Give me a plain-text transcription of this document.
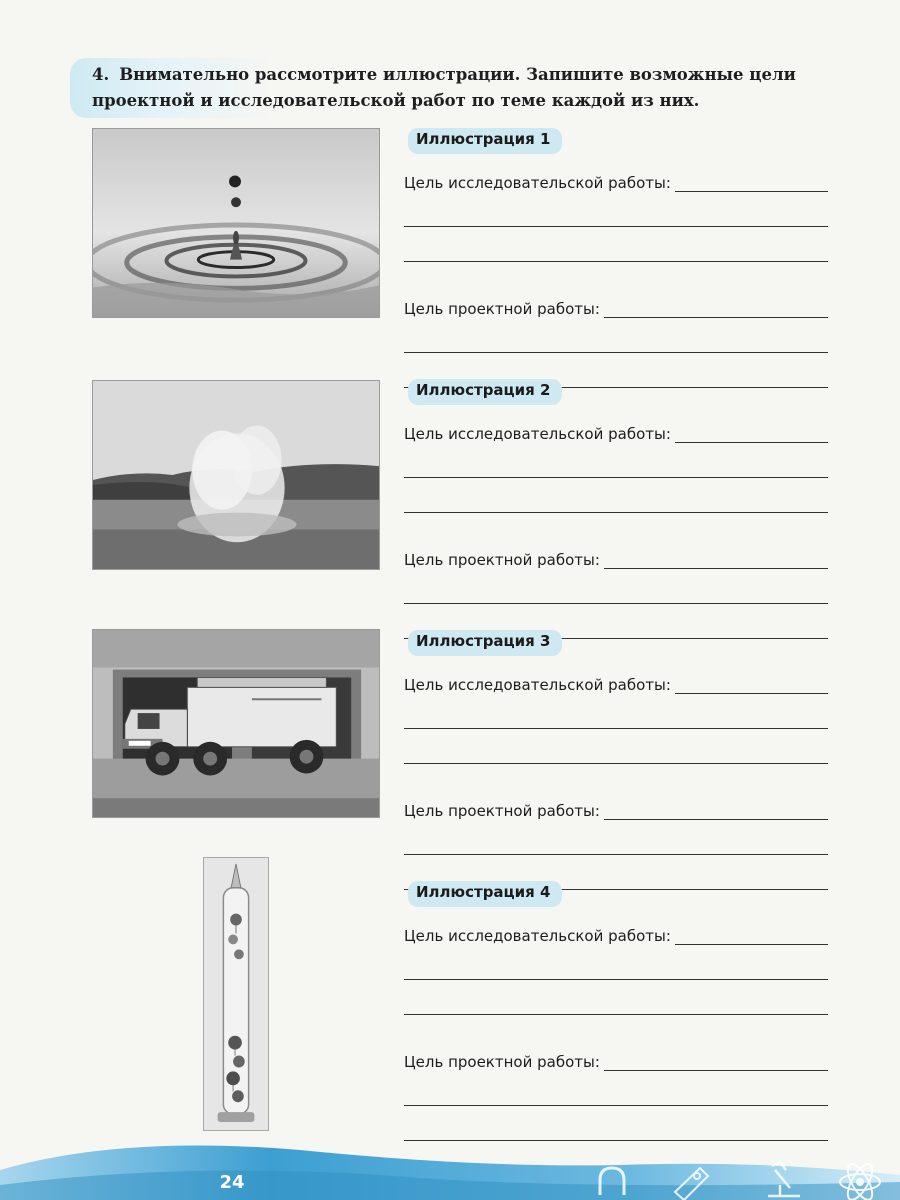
4. Внимательно рассмотрите иллюстрации. Запишите возможные цели проектной и исследовательской работ по теме каждой из них.
Иллюстрация 1
Цель исследовательской работы:
Цель проектной работы:
Иллюстрация 2
Цель исследовательской работы:
Цель проектной работы:
Иллюстрация 3
Цель исследовательской работы:
Цель проектной работы:
Иллюстрация 4
Цель исследовательской работы:
Цель проектной работы:
24
